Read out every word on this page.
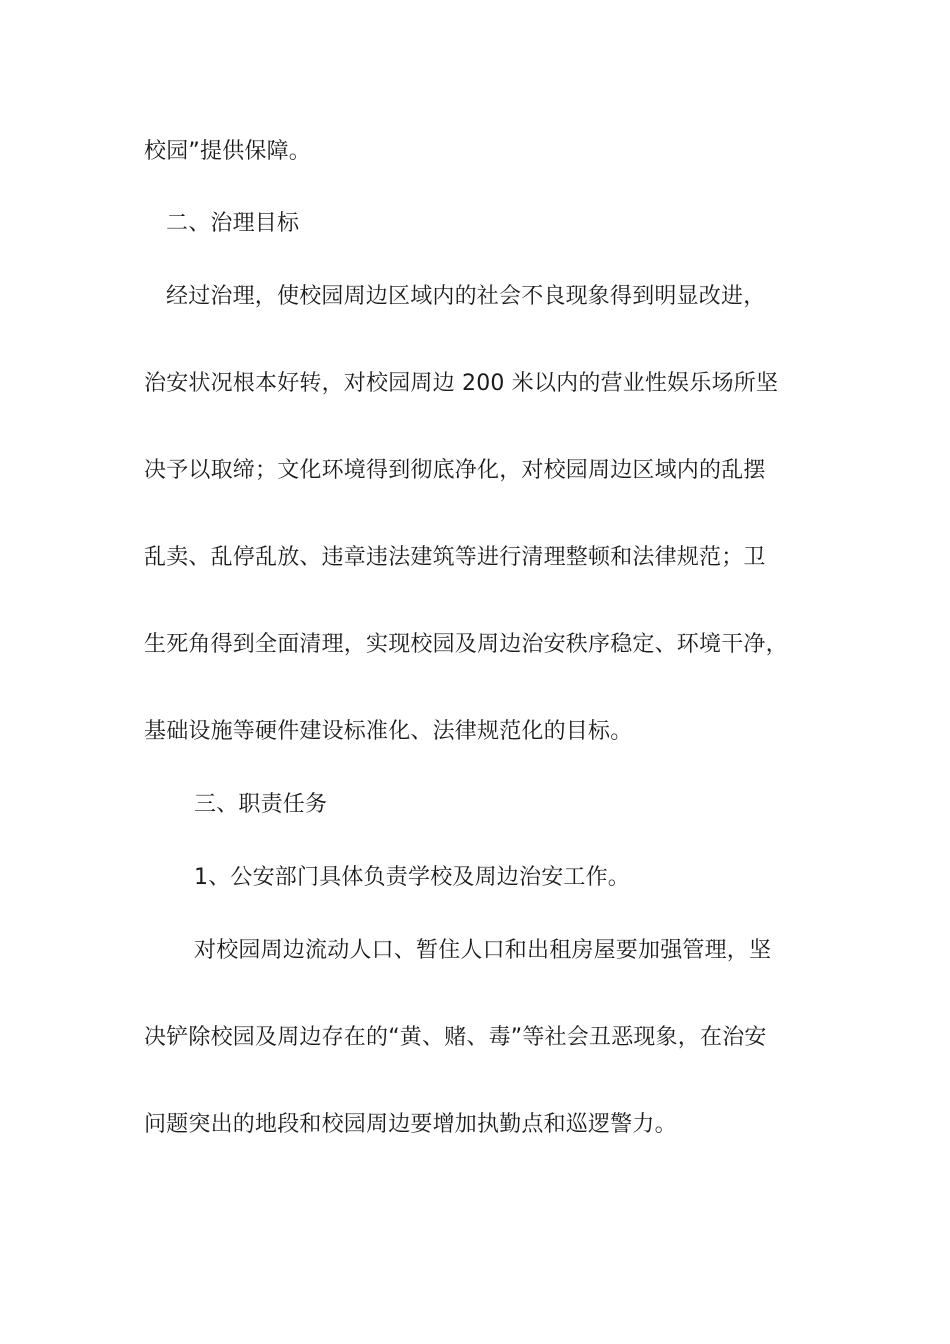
校园”提供保障。
二、治理目标
经过治理，使校园周边区域内的社会不良现象得到明显改进，
治安状况根本好转，对校园周边 200 米以内的营业性娱乐场所坚
决予以取缔；文化环境得到彻底净化，对校园周边区域内的乱摆
乱卖、乱停乱放、违章违法建筑等进行清理整顿和法律规范；卫
生死角得到全面清理，实现校园及周边治安秩序稳定、环境干净，
基础设施等硬件建设标准化、法律规范化的目标。
三、职责任务
1、公安部门具体负责学校及周边治安工作。
对校园周边流动人口、暂住人口和出租房屋要加强管理，坚
决铲除校园及周边存在的“黄、赌、毒”等社会丑恶现象，在治安
问题突出的地段和校园周边要增加执勤点和巡逻警力。
